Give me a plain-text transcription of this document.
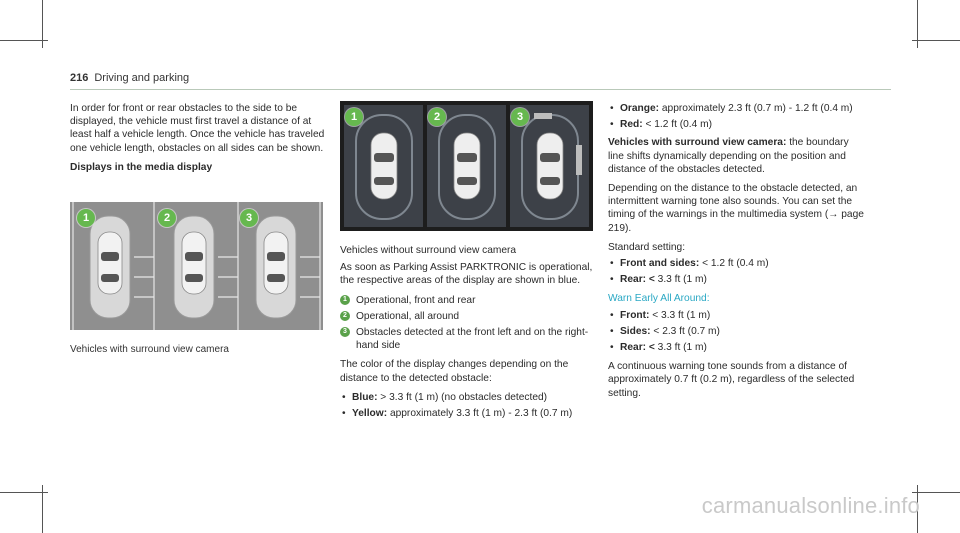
216 Driving and parking

In order for front or rear obstacles to the side to be displayed, the vehicle must first travel a distance of at least half a vehicle length. Once the vehicle has traveled one vehicle length, obstacles on all sides can be shown.

Displays in the media display

1	2	3
Vehicles with surround view camera
1	2	3

Vehicles without surround view camera

As soon as Parking Assist PARKTRONIC is operational, the respective areas of the display are shown in blue.

1 Operational, front and rear
2 Operational, all around
3 Obstacles detected at the front left and on the right-hand side

The color of the display changes depending on the distance to the detected obstacle:

• Blue: > 3.3 ft (1 m) (no obstacles detected)
• Yellow: approximately 3.3 ft (1 m) - 2.3 ft (0.7 m)
• Orange: approximately 2.3 ft (0.7 m) - 1.2 ft (0.4 m)
• Red: < 1.2 ft (0.4 m)

Vehicles with surround view camera: the boundary line shifts dynamically depending on the position and distance of the obstacles detected.

Depending on the distance to the obstacle detected, an intermittent warning tone also sounds. You can set the timing of the warnings in the multimedia system (→ page 219).

Standard setting:

• Front and sides: < 1.2 ft (0.4 m)
• Rear: < 3.3 ft (1 m)

Warn Early All Around:

• Front: < 3.3 ft (1 m)
• Sides: < 2.3 ft (0.7 m)
• Rear: < 3.3 ft (1 m)

A continuous warning tone sounds from a distance of approximately 0.7 ft (0.2 m), regardless of the selected setting.

carmanualsonline.info
